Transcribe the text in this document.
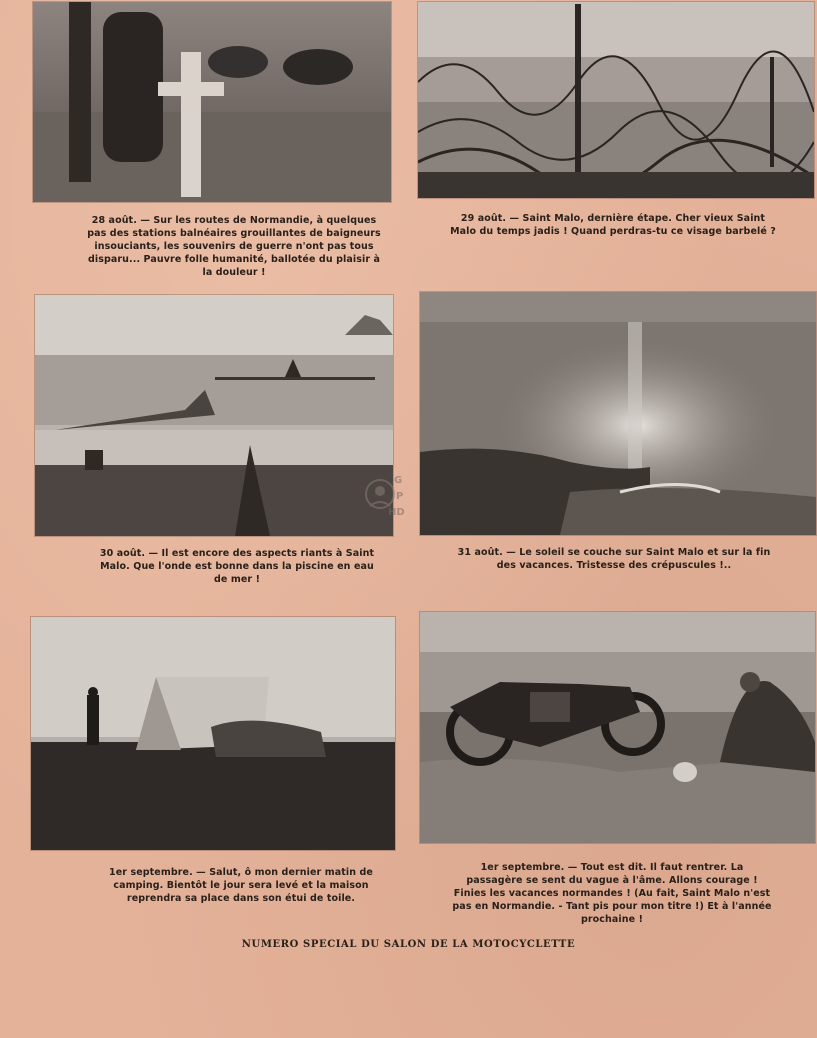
28 août. — Sur les routes de Normandie, à quelques pas des stations balnéaires grouillantes de baigneurs insouciants, les souvenirs de guerre n'ont pas tous disparu... Pauvre folle humanité, ballotée du plaisir à la douleur !
29 août. — Saint Malo, dernière étape. Cher vieux Saint Malo du temps jadis ! Quand perdras-tu ce visage barbelé ?
G
P
HD
30 août. — Il est encore des aspects riants à Saint Malo. Que l'onde est bonne dans la piscine en eau de mer !
31 août. — Le soleil se couche sur Saint Malo et sur la fin des vacances. Tristesse des crépuscules !..
1er septembre. — Salut, ô mon dernier matin de camping. Bientôt le jour sera levé et la maison reprendra sa place dans son étui de toile.
1er septembre. — Tout est dit. Il faut rentrer. La passagère se sent du vague à l'âme. Allons courage ! Finies les vacances normandes ! (Au fait, Saint Malo n'est pas en Normandie. - Tant pis pour mon titre !) Et à l'année prochaine !
NUMERO SPECIAL DU SALON DE LA MOTOCYCLETTE
